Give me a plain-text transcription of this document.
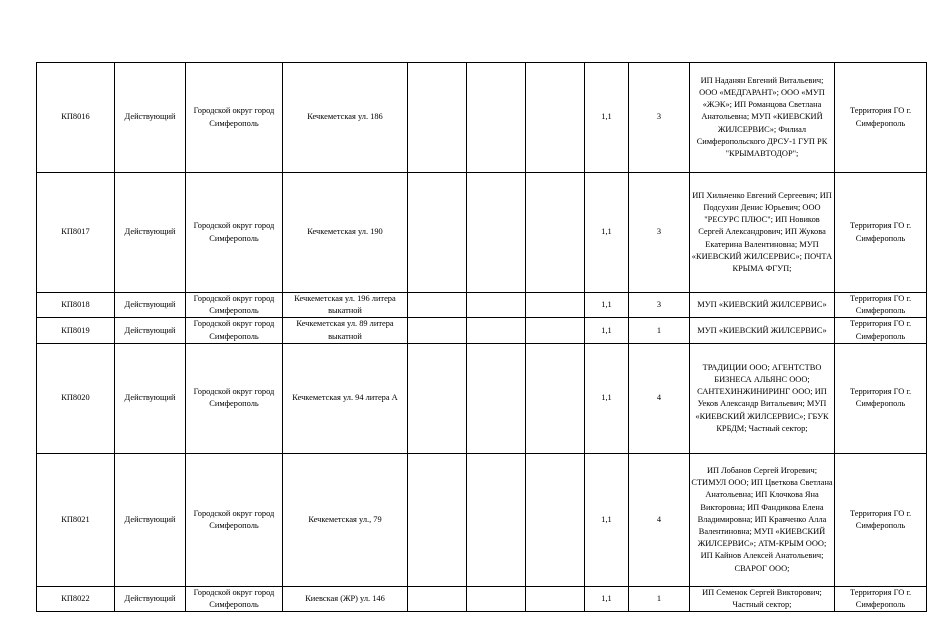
КП8016	Действующий	Городской округ город Симферополь	Кечкеметская ул. 186				1,1	3	ИП Наданян Евгений Витальевич; ООО «МЕДГАРАНТ»; ООО «МУП «ЖЭК»; ИП Романцова Светлана Анатольевна; МУП «КИЕВСКИЙ ЖИЛСЕРВИС»; Филиал Симферопольского ДРСУ-1 ГУП РК "КРЫМАВТОДОР";	Территория ГО г. Симферополь
КП8017	Действующий	Городской округ город Симферополь	Кечкеметская ул. 190				1,1	3	ИП Хильченко Евгений Сергеевич; ИП Подсухин Денис Юрьевич; ООО "РЕСУРС ПЛЮС"; ИП Новиков Сергей Александрович; ИП Жукова Екатерина Валентиновна; МУП «КИЕВСКИЙ ЖИЛСЕРВИС»; ПОЧТА КРЫМА ФГУП;	Территория ГО г. Симферополь
КП8018	Действующий	Городской округ город Симферополь	Кечкеметская ул. 196 литера выкатной				1,1	3	МУП «КИЕВСКИЙ ЖИЛСЕРВИС»	Территория ГО г. Симферополь
КП8019	Действующий	Городской округ город Симферополь	Кечкеметская ул. 89 литера выкатной				1,1	1	МУП «КИЕВСКИЙ ЖИЛСЕРВИС»	Территория ГО г. Симферополь
КП8020	Действующий	Городской округ город Симферополь	Кечкеметская ул. 94 литера А				1,1	4	ТРАДИЦИИ ООО; АГЕНТСТВО БИЗНЕСА АЛЬЯНС ООО; САНТЕХИНЖИНИРИНГ ООО; ИП Уеков Александр Витальевич; МУП «КИЕВСКИЙ ЖИЛСЕРВИС»; ГБУК КРБДМ; Частный сектор;	Территория ГО г. Симферополь
КП8021	Действующий	Городской округ город Симферополь	Кечкеметская ул., 79				1,1	4	ИП Лобанов Сергей Игоревич; СТИМУЛ ООО; ИП Цветкова Светлана Анатольевна; ИП Клочкова Яна Викторовна; ИП Фандикова Елена Владимировна; ИП Кравченко Алла Валентиновна; МУП «КИЕВСКИЙ ЖИЛСЕРВИС»; АТМ-КРЫМ ООО; ИП Кайнов Алексей Анатольевич; СВАРОГ ООО;	Территория ГО г. Симферополь
КП8022	Действующий	Городской округ город Симферополь	Киевская (ЖР) ул. 146				1,1	1	ИП Семенок Сергей Викторович; Частный сектор;	Территория ГО г. Симферополь
